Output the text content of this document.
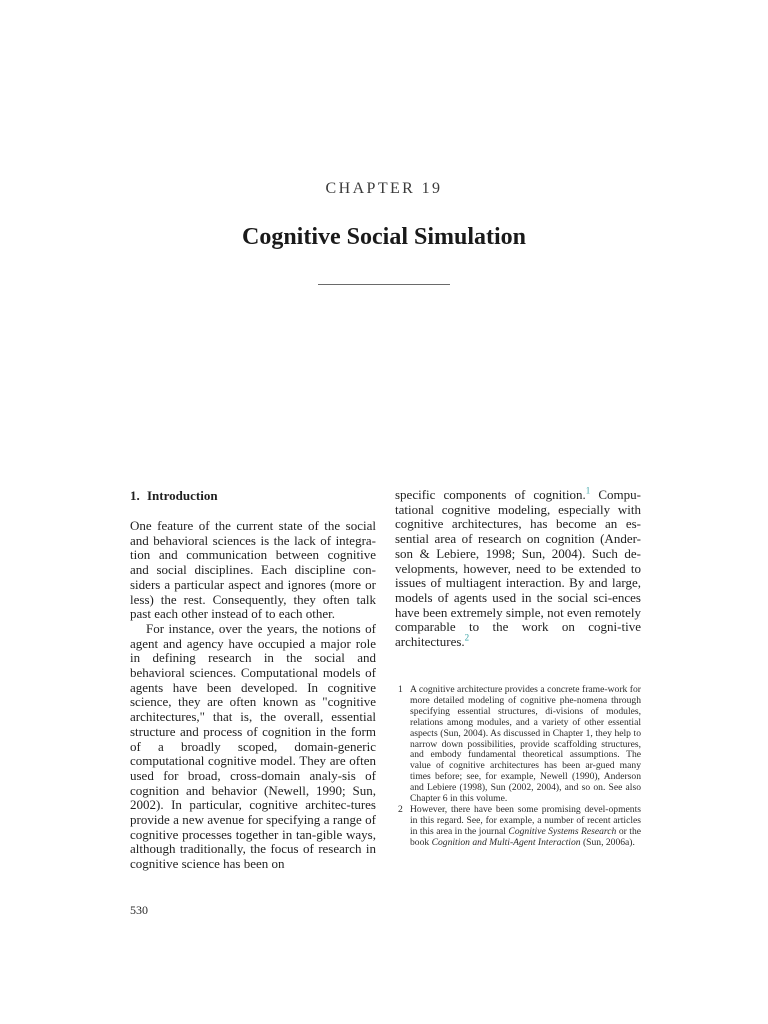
CHAPTER 19
Cognitive Social Simulation
1. Introduction

One feature of the current state of the social and behavioral sciences is the lack of integra-tion and communication between cognitive and social disciplines. Each discipline con-siders a particular aspect and ignores (more or less) the rest. Consequently, they often talk past each other instead of to each other.

For instance, over the years, the notions of agent and agency have occupied a major role in defining research in the social and behavioral sciences. Computational models of agents have been developed. In cognitive science, they are often known as "cognitive architectures," that is, the overall, essential structure and process of cognition in the form of a broadly scoped, domain-generic computational cognitive model. They are often used for broad, cross-domain analy-sis of cognition and behavior (Newell, 1990; Sun, 2002). In particular, cognitive architec-tures provide a new avenue for specifying a range of cognitive processes together in tan-gible ways, although traditionally, the focus of research in cognitive science has been on

specific components of cognition.$^1$ Compu-tational cognitive modeling, especially with cognitive architectures, has become an es-sential area of research on cognition (Ander-son & Lebiere, 1998; Sun, 2004). Such de-velopments, however, need to be extended to issues of multiagent interaction. By and large, models of agents used in the social sci-ences have been extremely simple, not even remotely comparable to the work on cogni-tive architectures.$^2$

1 A cognitive architecture provides a concrete frame-work for more detailed modeling of cognitive phe-nomena through specifying essential structures, di-visions of modules, relations among modules, and a variety of other essential aspects (Sun, 2004). As discussed in Chapter 1, they help to narrow down possibilities, provide scaffolding structures, and embody fundamental theoretical assumptions. The value of cognitive architectures has been ar-gued many times before; see, for example, Newell (1990), Anderson and Lebiere (1998), Sun (2002, 2004), and so on. See also Chapter 6 in this volume.
2 However, there have been some promising devel-opments in this regard. See, for example, a number of recent articles in this area in the journal Cognitive Systems Research or the book Cognition and Multi-Agent Interaction (Sun, 2006a).
530
